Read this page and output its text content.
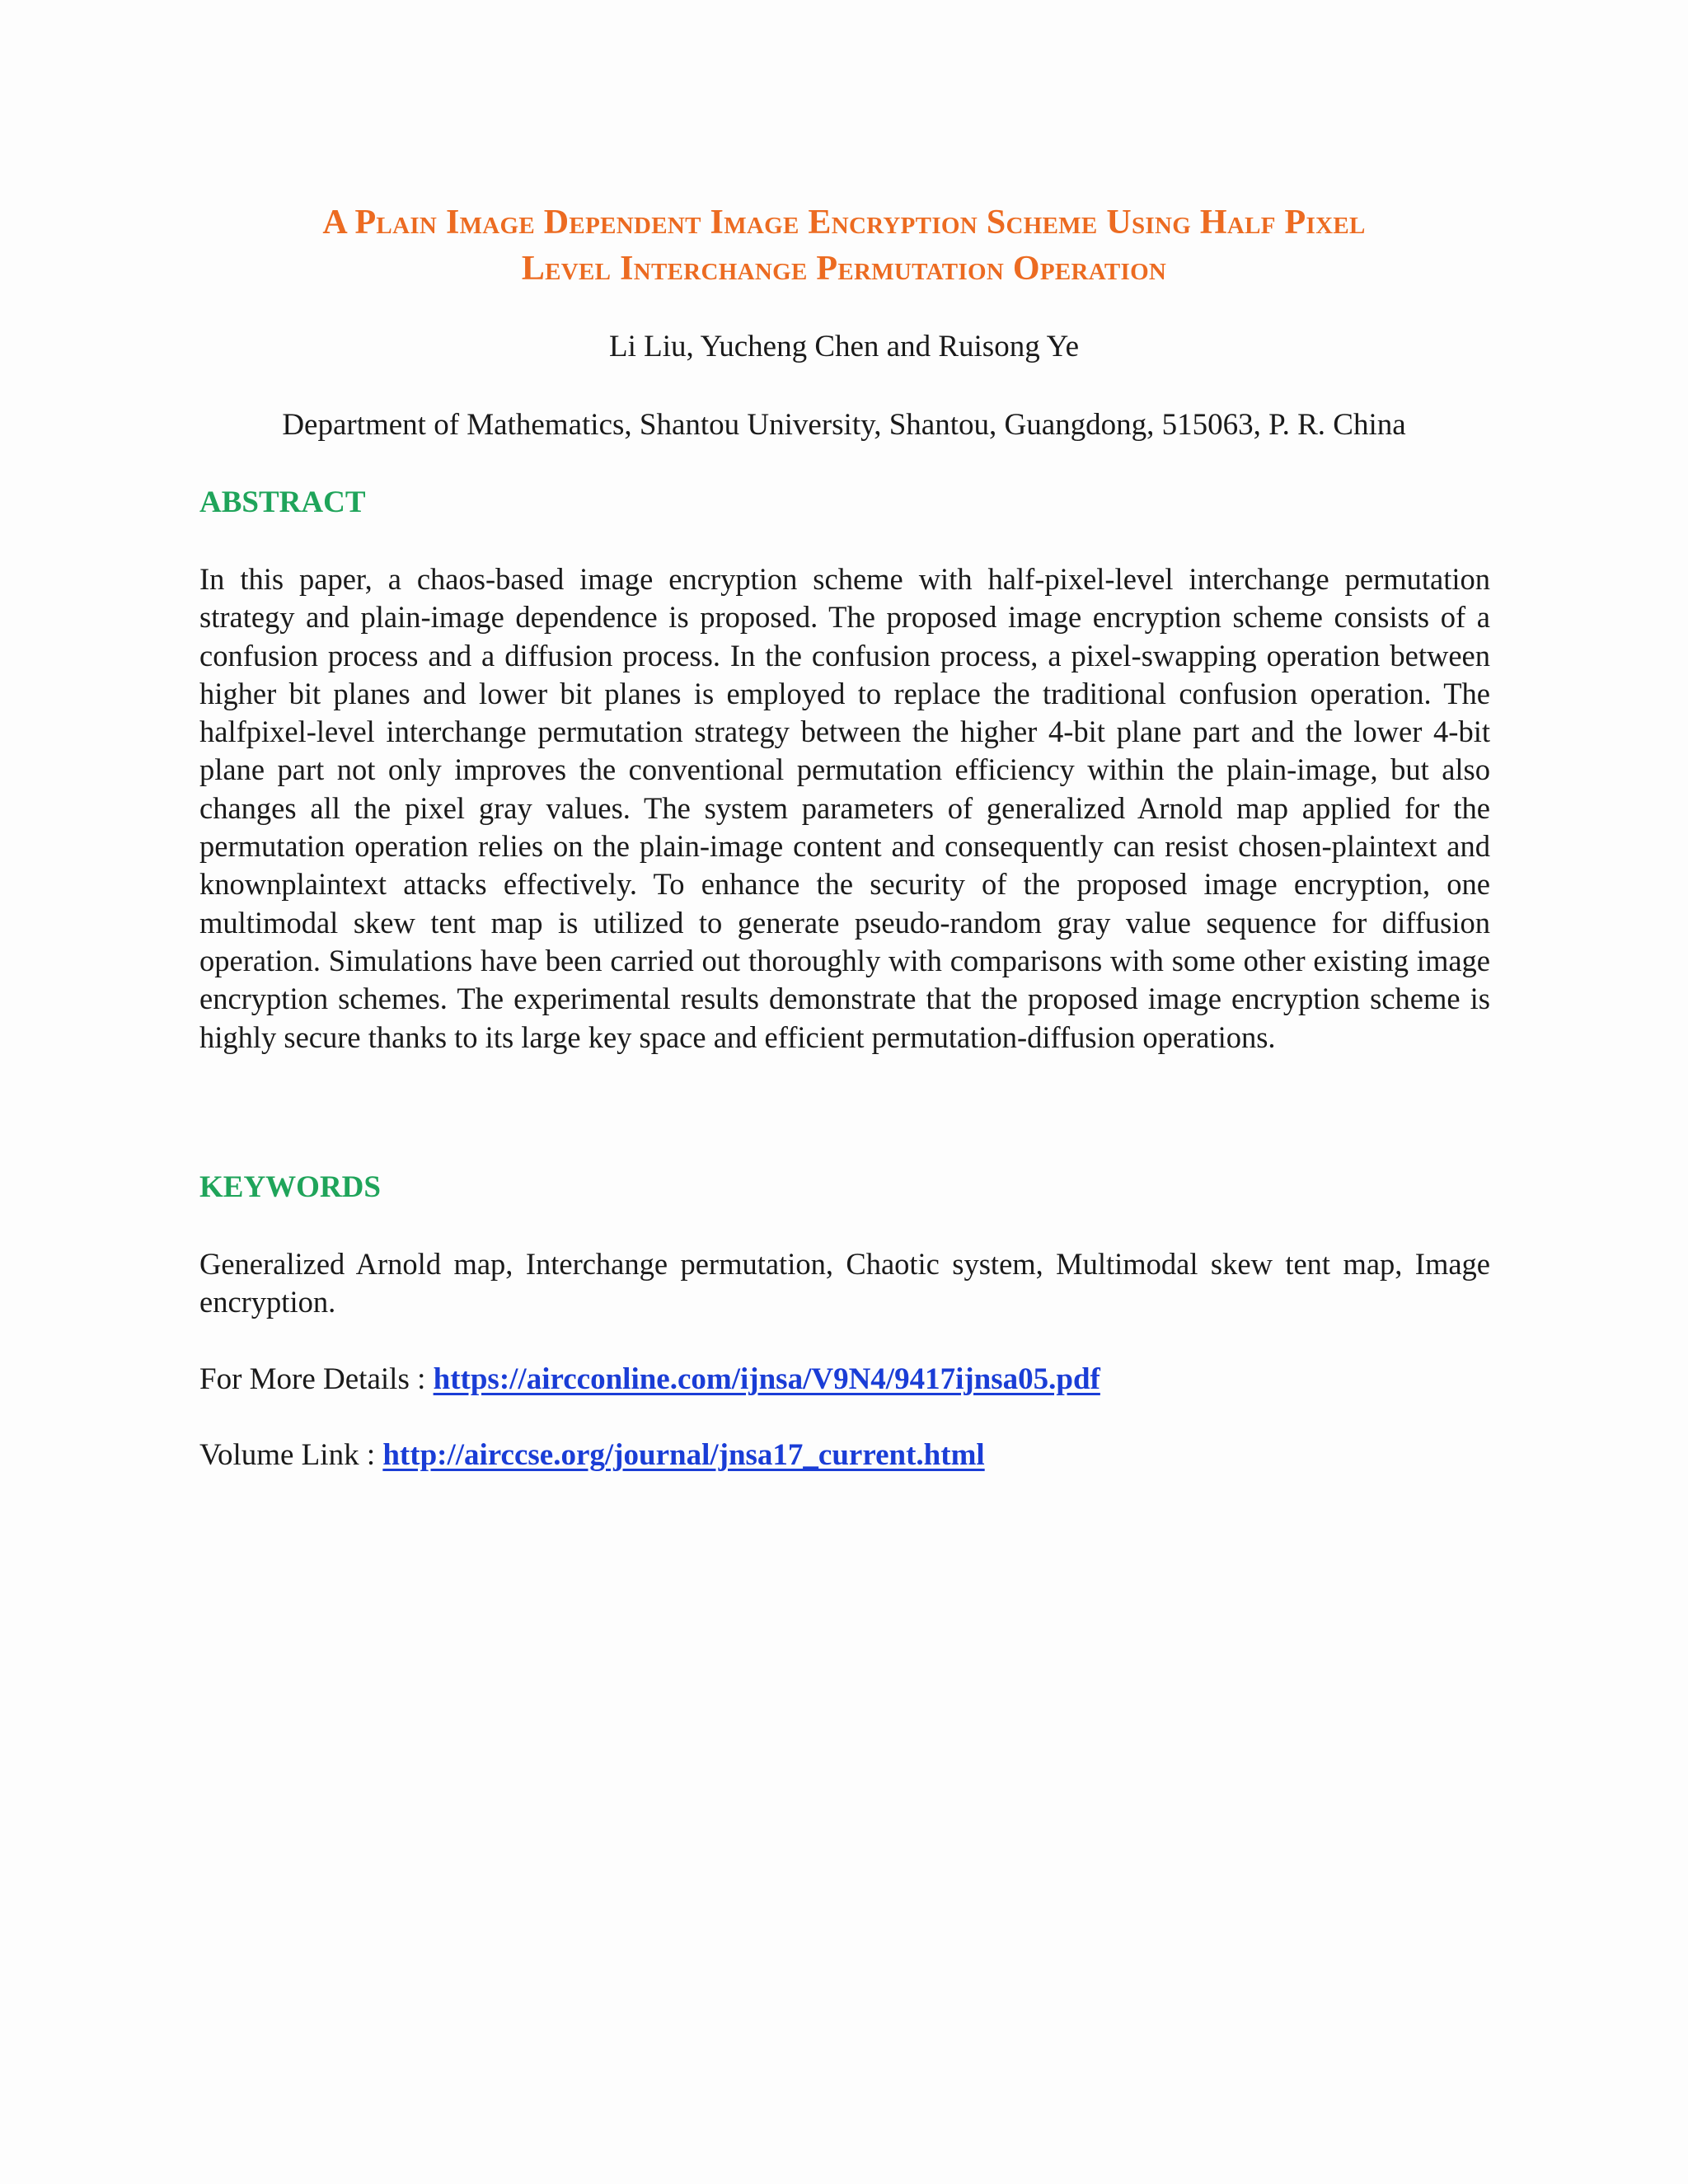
A Plain Image Dependent Image Encryption Scheme Using Half Pixel
Level Interchange Permutation Operation
Li Liu, Yucheng Chen and Ruisong Ye
Department of Mathematics, Shantou University, Shantou, Guangdong, 515063, P. R. China
ABSTRACT
In this paper, a chaos-based image encryption scheme with half-pixel-level interchange permutation strategy and plain-image dependence is proposed. The proposed image encryption scheme consists of a confusion process and a diffusion process. In the confusion process, a pixel-swapping operation between higher bit planes and lower bit planes is employed to replace the traditional confusion operation. The halfpixel-level interchange permutation strategy between the higher 4-bit plane part and the lower 4-bit plane part not only improves the conventional permutation efficiency within the plain-image, but also changes all the pixel gray values. The system parameters of generalized Arnold map applied for the permutation operation relies on the plain-image content and consequently can resist chosen-plaintext and knownplaintext attacks effectively. To enhance the security of the proposed image encryption, one multimodal skew tent map is utilized to generate pseudo-random gray value sequence for diffusion operation. Simulations have been carried out thoroughly with comparisons with some other existing image encryption schemes. The experimental results demonstrate that the proposed image encryption scheme is highly secure thanks to its large key space and efficient permutation-diffusion operations.
KEYWORDS
Generalized Arnold map, Interchange permutation, Chaotic system, Multimodal skew tent map, Image encryption.
For More Details : https://aircconline.com/ijnsa/V9N4/9417ijnsa05.pdf
Volume Link : http://airccse.org/journal/jnsa17_current.html
